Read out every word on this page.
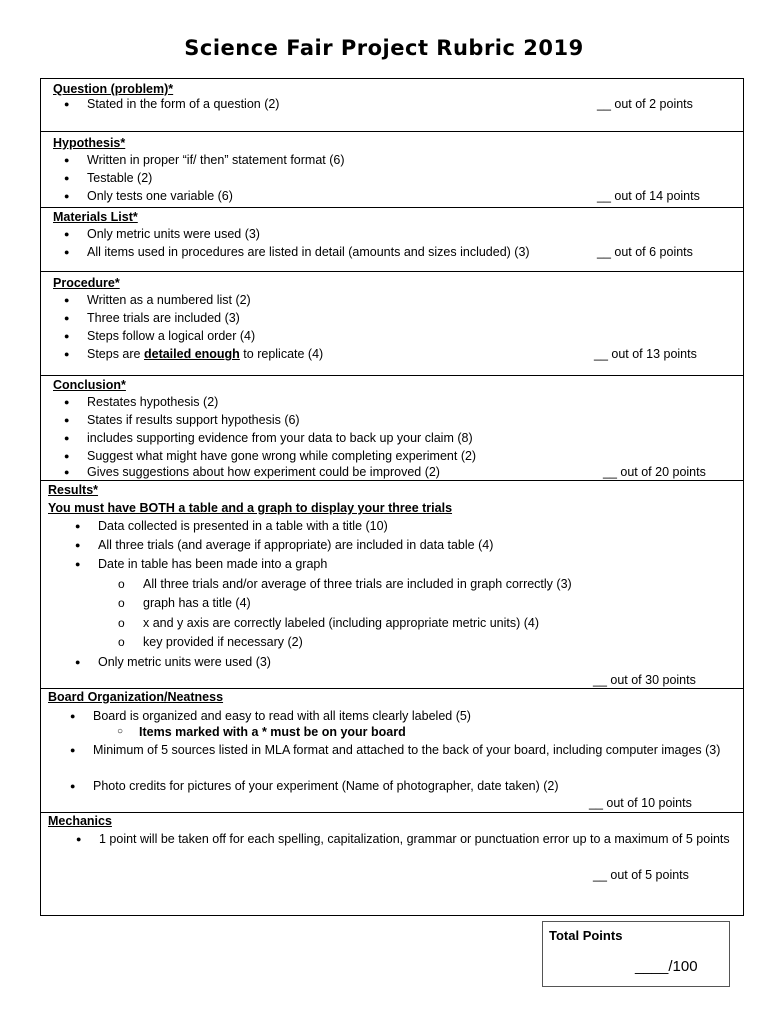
Science Fair Project Rubric 2019
Question (problem)*
● Stated in the form of a question (2)	__ out of 2 points
Hypothesis*
● Written in proper “if/ then” statement format (6)
● Testable (2)
● Only tests one variable (6)	__ out of 14 points
Materials List*
● Only metric units were used (3)
● All items used in procedures are listed in detail (amounts and sizes included) (3)	__ out of 6 points
Procedure*
● Written as a numbered list (2)
● Three trials are included (3)
● Steps follow a logical order (4)
● Steps are detailed enough to replicate (4)	__ out of 13 points
Conclusion*
● Restates hypothesis (2)
● States if results support hypothesis (6)
● includes supporting evidence from your data to back up your claim (8)
● Suggest what might have gone wrong while completing experiment (2)
● Gives suggestions about how experiment could be improved (2)	__ out of 20 points
Results*
You must have BOTH a table and a graph to display your three trials
● Data collected is presented in a table with a title (10)
● All three trials (and average if appropriate) are included in data table (4)
● Date in table has been made into a graph
o All three trials and/or average of three trials are included in graph correctly (3)
o graph has a title (4)
o x and y axis are correctly labeled (including appropriate metric units) (4)
o key provided if necessary (2)
● Only metric units were used (3)
__ out of 30 points
Board Organization/Neatness
● Board is organized and easy to read with all items clearly labeled (5)
○ Items marked with a * must be on your board
● Minimum of 5 sources listed in MLA format and attached to the back of your board, including computer images (3)
● Photo credits for pictures of your experiment (Name of photographer, date taken) (2)
__ out of 10 points
Mechanics
● 1 point will be taken off for each spelling, capitalization, grammar or punctuation error up to a maximum of 5 points
__ out of 5 points
Total Points
____/100
